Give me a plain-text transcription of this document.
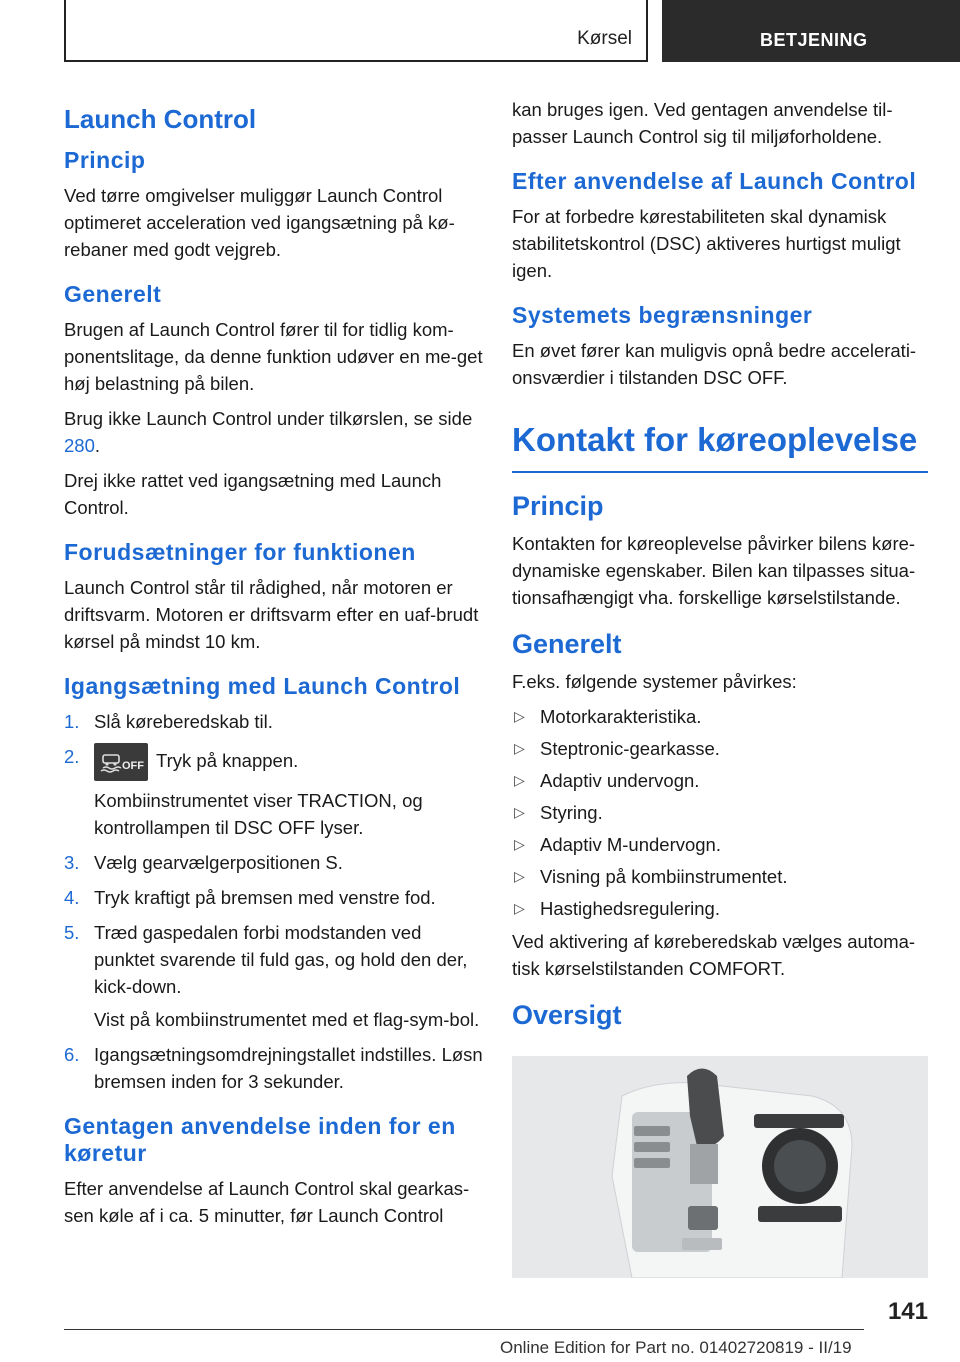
Kørsel	BETJENING
Launch Control
Princip

Ved tørre omgivelser muliggør Launch Control optimeret acceleration ved igangsætning på kø-rebaner med godt vejgreb.

Generelt

Brugen af Launch Control fører til for tidlig kom-ponentslitage, da denne funktion udøver en me-get høj belastning på bilen.

Brug ikke Launch Control under tilkørslen, se side 280.

Drej ikke rattet ved igangsætning med Launch Control.

Forudsætninger for funktionen

Launch Control står til rådighed, når motoren er driftsvarm. Motoren er driftsvarm efter en uaf-brudt kørsel på mindst 10 km.

Igangsætning med Launch Control
1. Slå køreberedskab til.
2.	OFF Tryk på knappen.

Kombiinstrumentet viser TRACTION, og kontrollampen til DSC OFF lyser.

3. Vælg gearvælgerpositionen S.
4. Tryk kraftigt på bremsen med venstre fod.
5. Træd gaspedalen forbi modstanden ved punktet svarende til fuld gas, og hold den der, kick-down.

Vist på kombiinstrumentet med et flag-sym-bol.

6. Igangsætningsomdrejningstallet indstilles. Løsn bremsen inden for 3 sekunder.
Gentagen anvendelse inden for en køretur

Efter anvendelse af Launch Control skal gearkas-sen køle af i ca. 5 minutter, før Launch Control

kan bruges igen. Ved gentagen anvendelse til-passer Launch Control sig til miljøforholdene.

Efter anvendelse af Launch Control

For at forbedre kørestabiliteten skal dynamisk stabilitetskontrol (DSC) aktiveres hurtigst muligt igen.

Systemets begrænsninger

En øvet fører kan muligvis opnå bedre accelerati-onsværdier i tilstanden DSC OFF.

Kontakt for køreoplevelse
Princip

Kontakten for køreoplevelse påvirker bilens køre-dynamiske egenskaber. Bilen kan tilpasses situa-tionsafhængigt vha. forskellige kørselstilstande.

Generelt

F.eks. følgende systemer påvirkes:

▷ Motorkarakteristika.
▷ Steptronic-gearkasse.
▷ Adaptiv undervogn.
▷ Styring.
▷ Adaptiv M-undervogn.
▷ Visning på kombiinstrumentet.
▷ Hastighedsregulering.

Ved aktivering af køreberedskab vælges automa-tisk kørselstilstanden COMFORT.

Oversigt
141
Online Edition for Part no. 01402720819 - II/19
